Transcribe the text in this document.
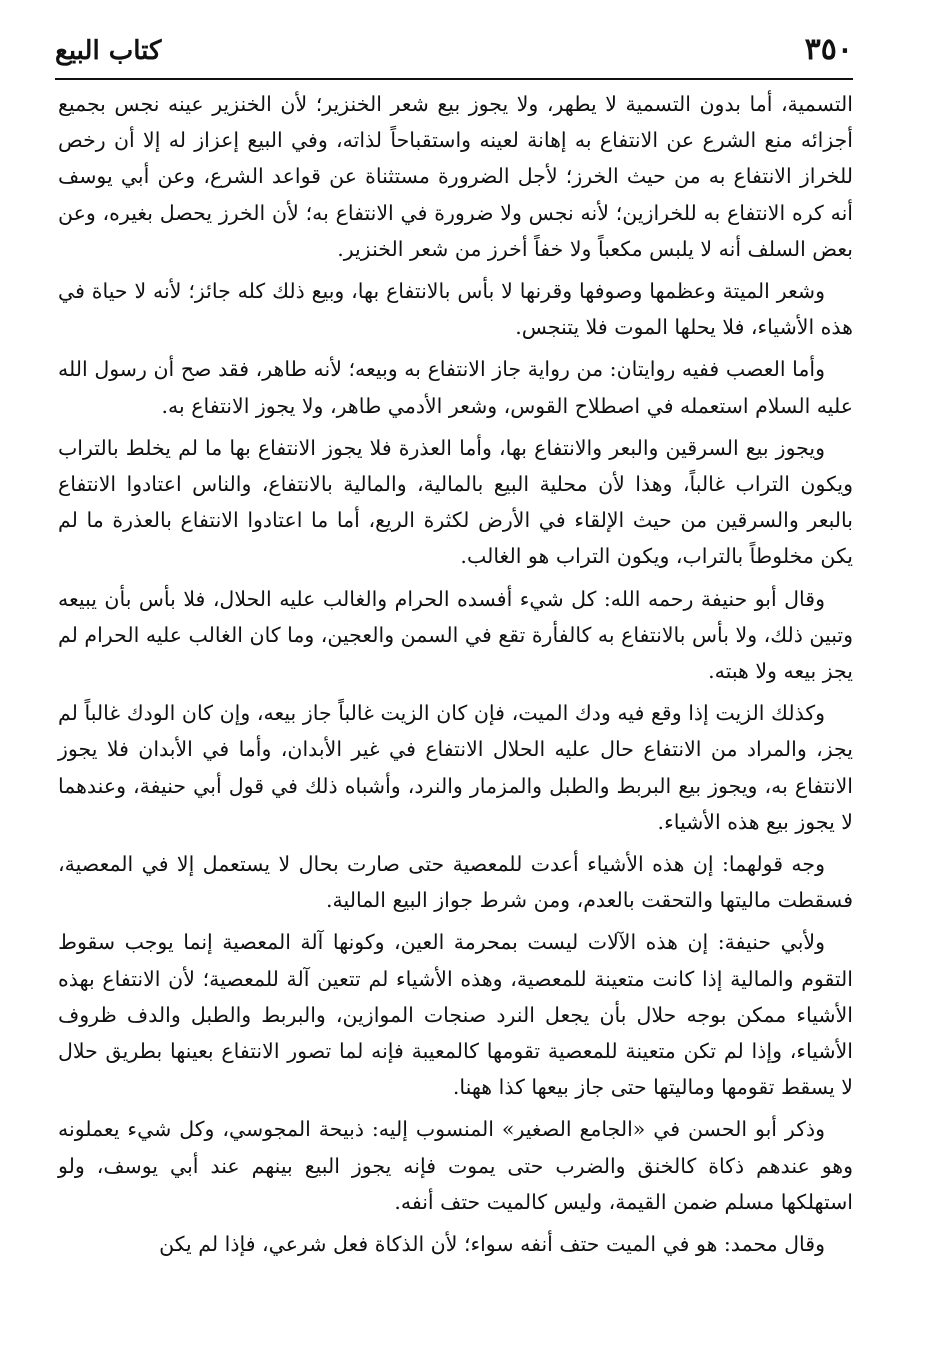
٣٥٠
كتاب البيع

التسمية، أما بدون التسمية لا يطهر، ولا يجوز بيع شعر الخنزير؛ لأن الخنزير عينه نجس بجميع أجزائه منع الشرع عن الانتفاع به إهانة لعينه واستقباحاً لذاته، وفي البيع إعزاز له إلا أن رخص للخراز الانتفاع به من حيث الخرز؛ لأجل الضرورة مستثناة عن قواعد الشرع، وعن أبي يوسف أنه كره الانتفاع به للخرازين؛ لأنه نجس ولا ضرورة في الانتفاع به؛ لأن الخرز يحصل بغيره، وعن بعض السلف أنه لا يلبس مكعباً ولا خفاً أخرز من شعر الخنزير.

وشعر الميتة وعظمها وصوفها وقرنها لا بأس بالانتفاع بها، وبيع ذلك كله جائز؛ لأنه لا حياة في هذه الأشياء، فلا يحلها الموت فلا يتنجس.

وأما العصب ففيه روايتان: من رواية جاز الانتفاع به وبيعه؛ لأنه طاهر، فقد صح أن رسول الله عليه السلام استعمله في اصطلاح القوس، وشعر الأدمي طاهر، ولا يجوز الانتفاع به.

ويجوز بيع السرقين والبعر والانتفاع بها، وأما العذرة فلا يجوز الانتفاع بها ما لم يخلط بالتراب ويكون التراب غالباً، وهذا لأن محلية البيع بالمالية، والمالية بالانتفاع، والناس اعتادوا الانتفاع بالبعر والسرقين من حيث الإلقاء في الأرض لكثرة الريع، أما ما اعتادوا الانتفاع بالعذرة ما لم يكن مخلوطاً بالتراب، ويكون التراب هو الغالب.

وقال أبو حنيفة رحمه الله: كل شيء أفسده الحرام والغالب عليه الحلال، فلا بأس بأن يبيعه وتبين ذلك، ولا بأس بالانتفاع به كالفأرة تقع في السمن والعجين، وما كان الغالب عليه الحرام لم يجز بيعه ولا هبته.

وكذلك الزيت إذا وقع فيه ودك الميت، فإن كان الزيت غالباً جاز بيعه، وإن كان الودك غالباً لم يجز، والمراد من الانتفاع حال عليه الحلال الانتفاع في غير الأبدان، وأما في الأبدان فلا يجوز الانتفاع به، ويجوز بيع البربط والطبل والمزمار والنرد، وأشباه ذلك في قول أبي حنيفة، وعندهما لا يجوز بيع هذه الأشياء.

وجه قولهما: إن هذه الأشياء أعدت للمعصية حتى صارت بحال لا يستعمل إلا في المعصية، فسقطت ماليتها والتحقت بالعدم، ومن شرط جواز البيع المالية.

ولأبي حنيفة: إن هذه الآلات ليست بمحرمة العين، وكونها آلة المعصية إنما يوجب سقوط التقوم والمالية إذا كانت متعينة للمعصية، وهذه الأشياء لم تتعين آلة للمعصية؛ لأن الانتفاع بهذه الأشياء ممكن بوجه حلال بأن يجعل النرد صنجات الموازين، والبربط والطبل والدف ظروف الأشياء، وإذا لم تكن متعينة للمعصية تقومها كالمعيبة فإنه لما تصور الانتفاع بعينها بطريق حلال لا يسقط تقومها وماليتها حتى جاز بيعها كذا ههنا.

وذكر أبو الحسن في «الجامع الصغير» المنسوب إليه: ذبيحة المجوسي، وكل شيء يعملونه وهو عندهم ذكاة كالخنق والضرب حتى يموت فإنه يجوز البيع بينهم عند أبي يوسف، ولو استهلكها مسلم ضمن القيمة، وليس كالميت حتف أنفه.

وقال محمد: هو في الميت حتف أنفه سواء؛ لأن الذكاة فعل شرعي، فإذا لم يكن
